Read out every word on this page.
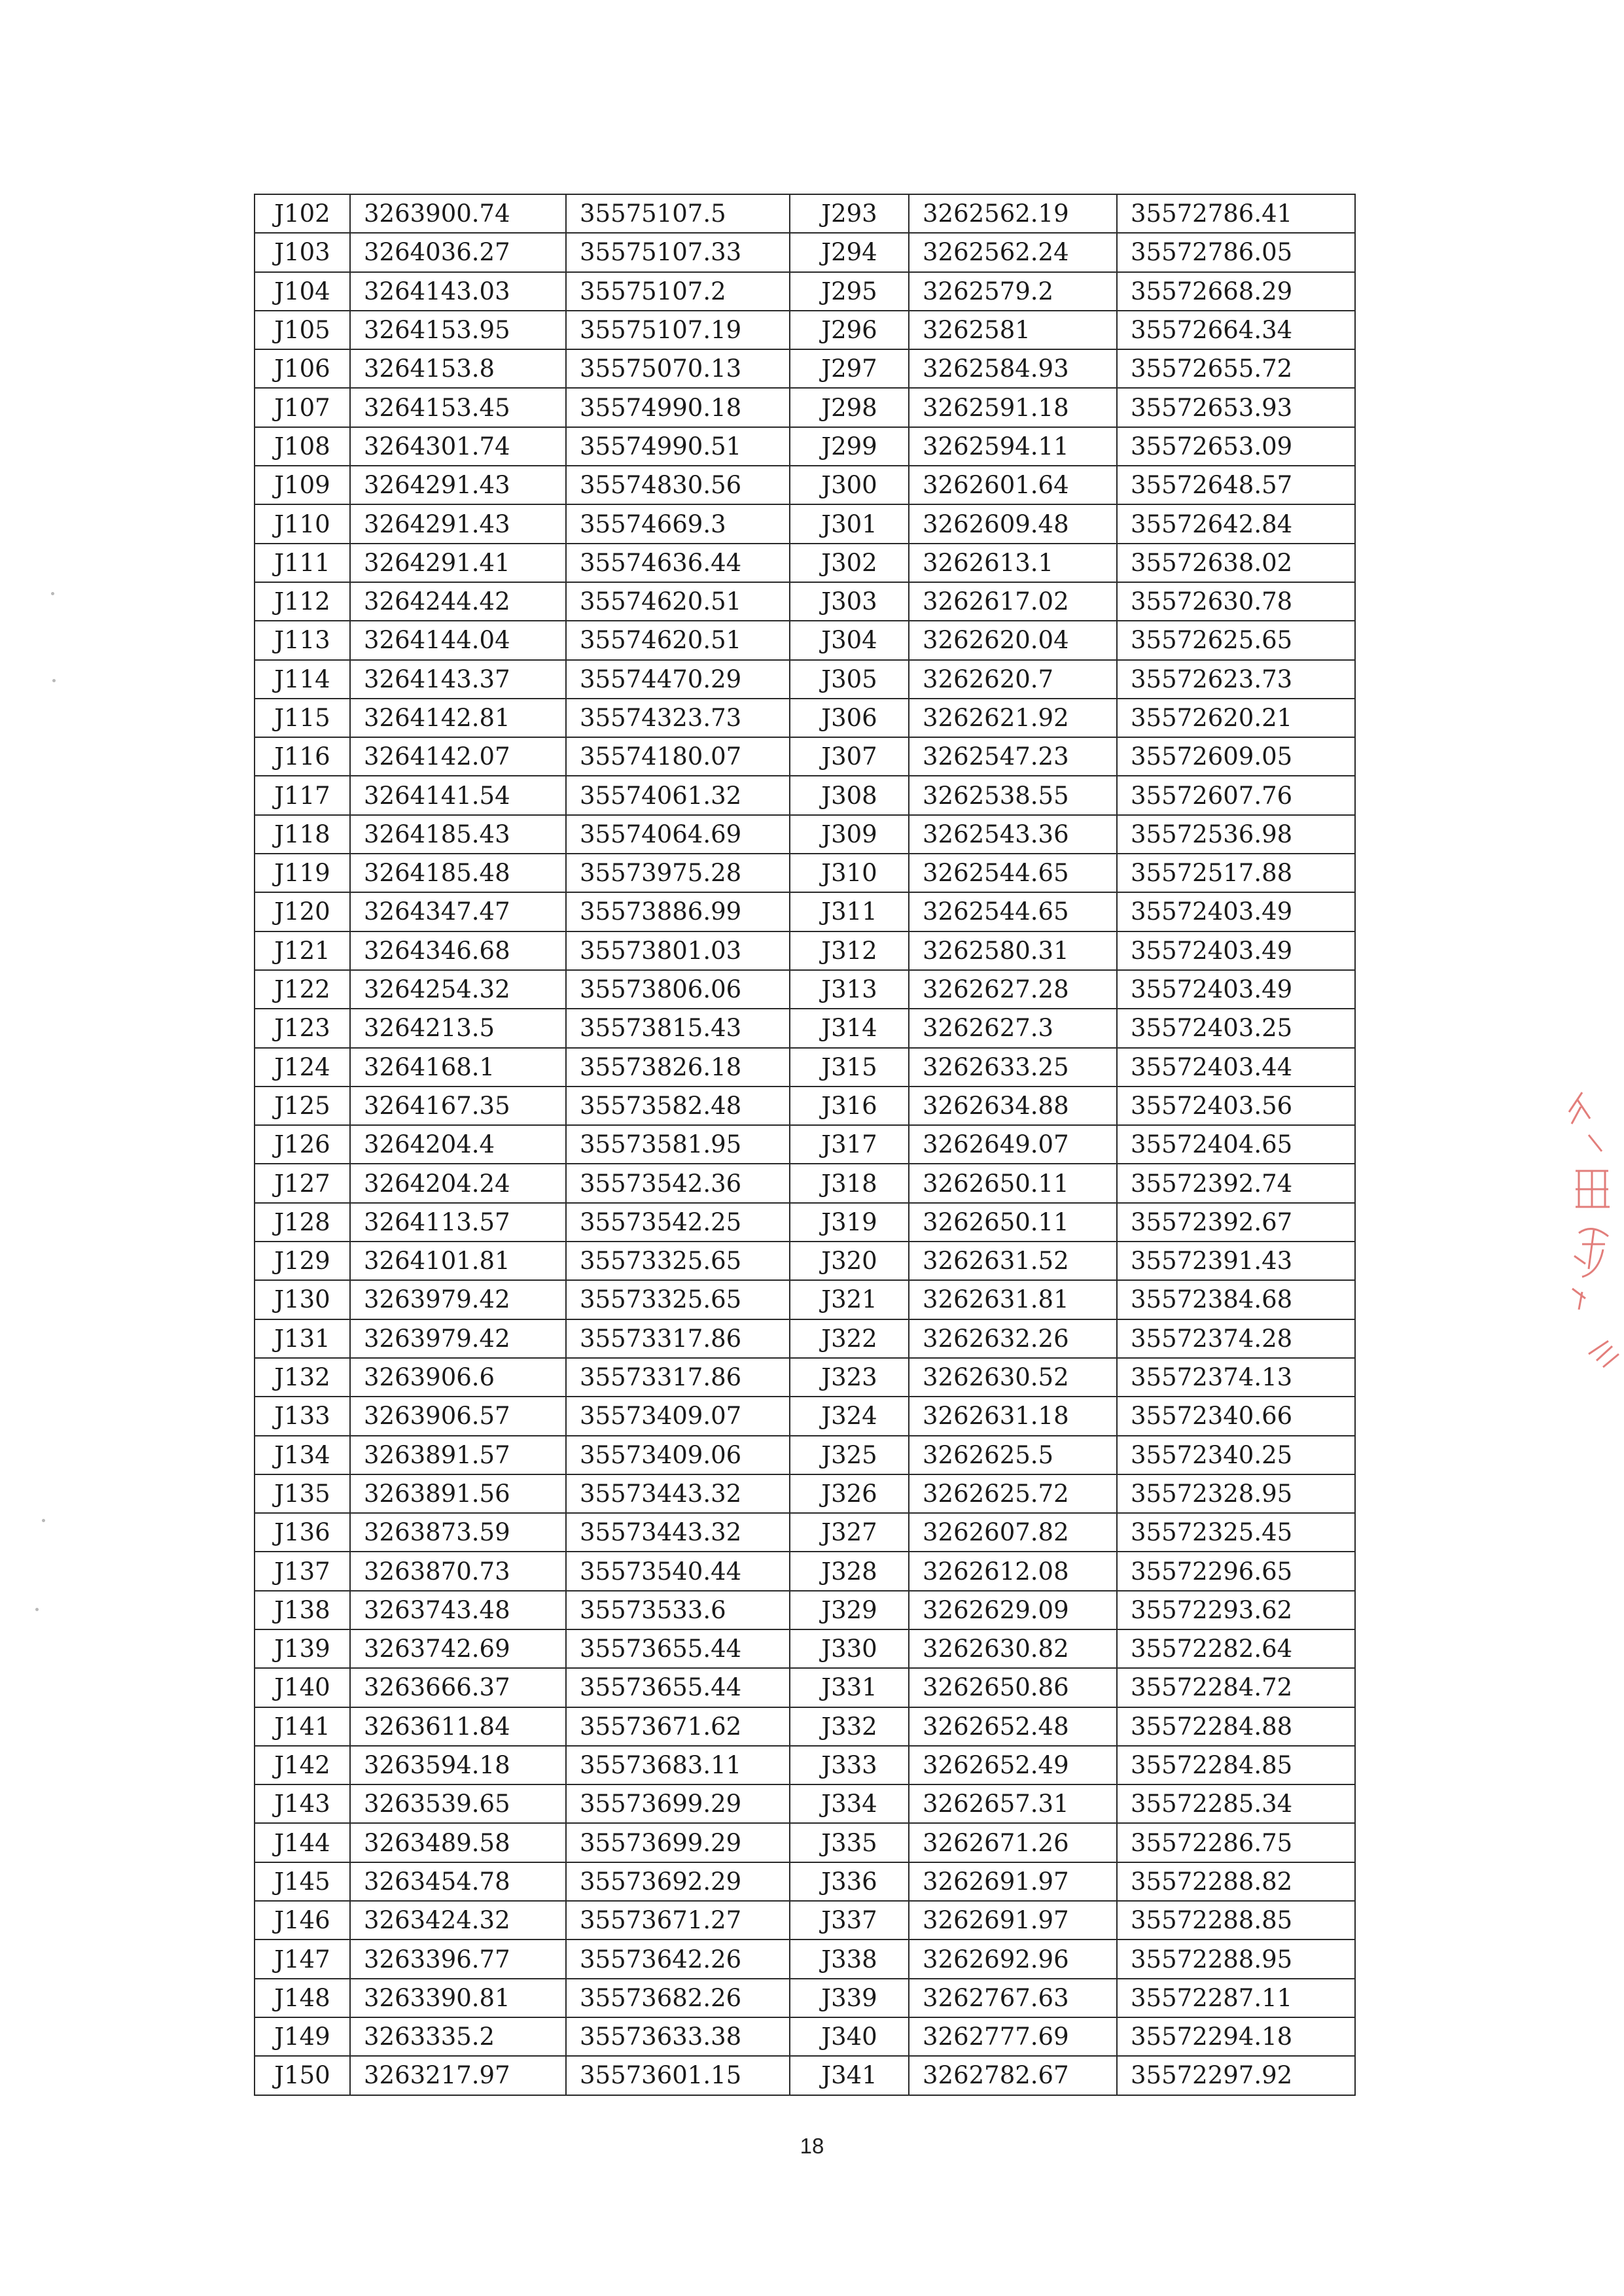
J102	3263900.74	35575107.5	J293	3262562.19	35572786.41
J103	3264036.27	35575107.33	J294	3262562.24	35572786.05
J104	3264143.03	35575107.2	J295	3262579.2	35572668.29
J105	3264153.95	35575107.19	J296	3262581	35572664.34
J106	3264153.8	35575070.13	J297	3262584.93	35572655.72
J107	3264153.45	35574990.18	J298	3262591.18	35572653.93
J108	3264301.74	35574990.51	J299	3262594.11	35572653.09
J109	3264291.43	35574830.56	J300	3262601.64	35572648.57
J110	3264291.43	35574669.3	J301	3262609.48	35572642.84
J111	3264291.41	35574636.44	J302	3262613.1	35572638.02
J112	3264244.42	35574620.51	J303	3262617.02	35572630.78
J113	3264144.04	35574620.51	J304	3262620.04	35572625.65
J114	3264143.37	35574470.29	J305	3262620.7	35572623.73
J115	3264142.81	35574323.73	J306	3262621.92	35572620.21
J116	3264142.07	35574180.07	J307	3262547.23	35572609.05
J117	3264141.54	35574061.32	J308	3262538.55	35572607.76
J118	3264185.43	35574064.69	J309	3262543.36	35572536.98
J119	3264185.48	35573975.28	J310	3262544.65	35572517.88
J120	3264347.47	35573886.99	J311	3262544.65	35572403.49
J121	3264346.68	35573801.03	J312	3262580.31	35572403.49
J122	3264254.32	35573806.06	J313	3262627.28	35572403.49
J123	3264213.5	35573815.43	J314	3262627.3	35572403.25
J124	3264168.1	35573826.18	J315	3262633.25	35572403.44
J125	3264167.35	35573582.48	J316	3262634.88	35572403.56
J126	3264204.4	35573581.95	J317	3262649.07	35572404.65
J127	3264204.24	35573542.36	J318	3262650.11	35572392.74
J128	3264113.57	35573542.25	J319	3262650.11	35572392.67
J129	3264101.81	35573325.65	J320	3262631.52	35572391.43
J130	3263979.42	35573325.65	J321	3262631.81	35572384.68
J131	3263979.42	35573317.86	J322	3262632.26	35572374.28
J132	3263906.6	35573317.86	J323	3262630.52	35572374.13
J133	3263906.57	35573409.07	J324	3262631.18	35572340.66
J134	3263891.57	35573409.06	J325	3262625.5	35572340.25
J135	3263891.56	35573443.32	J326	3262625.72	35572328.95
J136	3263873.59	35573443.32	J327	3262607.82	35572325.45
J137	3263870.73	35573540.44	J328	3262612.08	35572296.65
J138	3263743.48	35573533.6	J329	3262629.09	35572293.62
J139	3263742.69	35573655.44	J330	3262630.82	35572282.64
J140	3263666.37	35573655.44	J331	3262650.86	35572284.72
J141	3263611.84	35573671.62	J332	3262652.48	35572284.88
J142	3263594.18	35573683.11	J333	3262652.49	35572284.85
J143	3263539.65	35573699.29	J334	3262657.31	35572285.34
J144	3263489.58	35573699.29	J335	3262671.26	35572286.75
J145	3263454.78	35573692.29	J336	3262691.97	35572288.82
J146	3263424.32	35573671.27	J337	3262691.97	35572288.85
J147	3263396.77	35573642.26	J338	3262692.96	35572288.95
J148	3263390.81	35573682.26	J339	3262767.63	35572287.11
J149	3263335.2	35573633.38	J340	3262777.69	35572294.18
J150	3263217.97	35573601.15	J341	3262782.67	35572297.92
18
